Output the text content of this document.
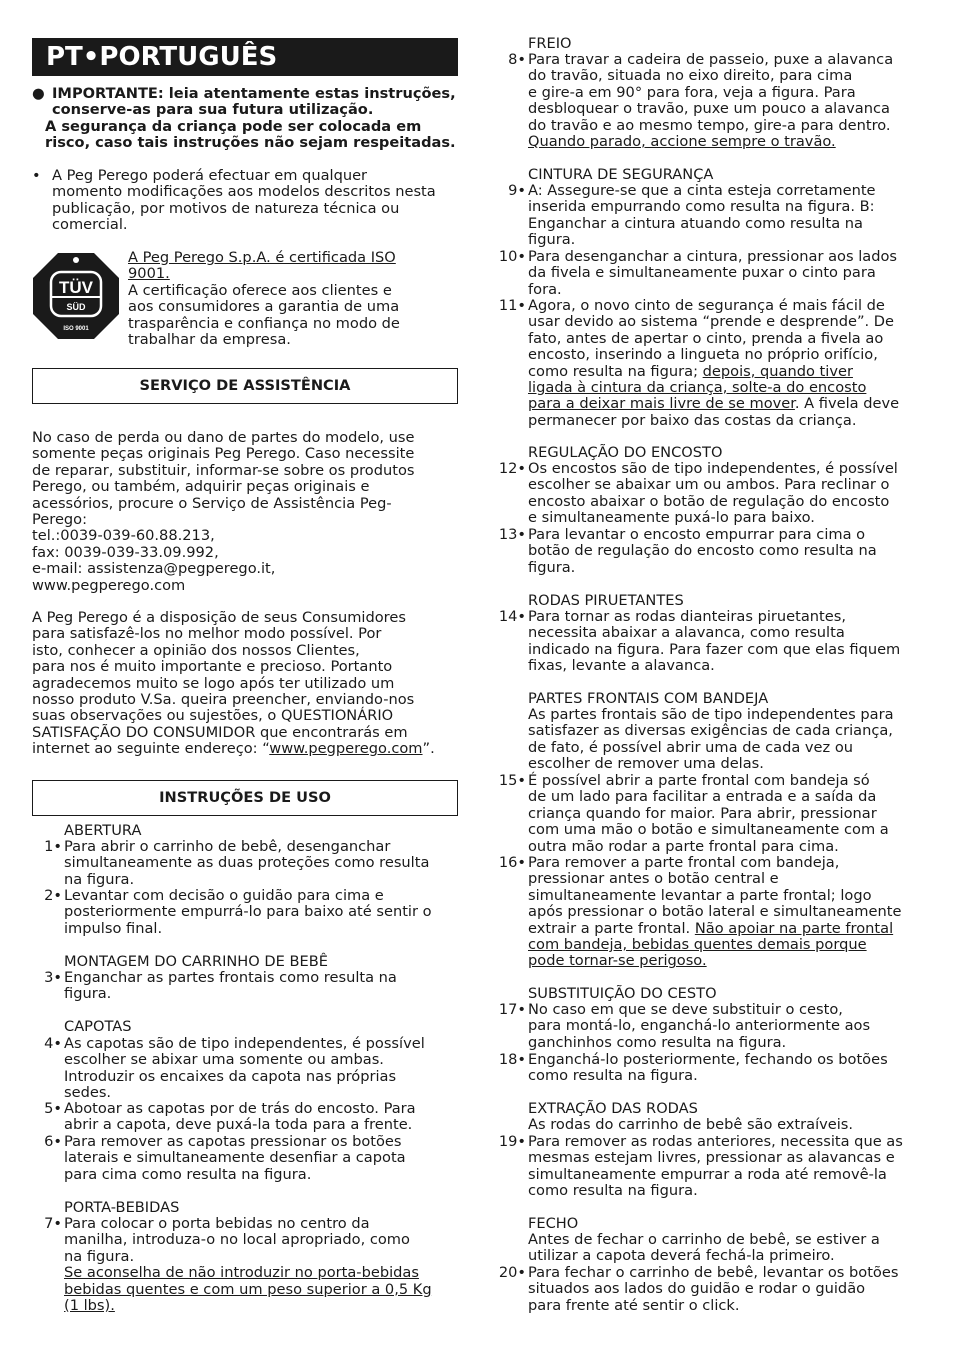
PT•PORTUGUÊS
● IMPORTANTE: leia atentamente estas instruções,
conserve-as para sua futura utilização.
A segurança da criança pode ser colocada em
risco, caso tais instruções não sejam respeitadas.
• A Peg Perego poderá efectuar em qualquer
momento modificações aos modelos descritos nesta
publicação, por motivos de natureza técnica ou
comercial.
TÜV
SÜD
ISO 9001
A Peg Perego S.p.A. é certificada ISO
9001.
A certificação oferece aos clientes e
aos consumidores a garantia de uma
trasparência e confiança no modo de
trabalhar da empresa.
SERVIÇO DE ASSISTÊNCIA
No caso de perda ou dano de partes do modelo, use
somente peças originais Peg Perego. Caso necessite
de reparar, substituir, informar-se sobre os produtos
Perego, ou também, adquirir peças originais e
acessórios, procure o Serviço de Assistência Peg-
Perego:
tel.:0039-039-60.88.213,
fax: 0039-039-33.09.992,
e-mail: assistenza@pegperego.it,
www.pegperego.com
A Peg Perego é a disposição de seus Consumidores
para satisfazê-los no melhor modo possível. Por
isto, conhecer a opinião dos nossos Clientes,
para nos é muito importante e precioso. Portanto
agradecemos muito se logo após ter utilizado um
nosso produto V.Sa. queira preencher, enviando-nos
suas observações ou sujestões, o QUESTIONÁRIO
SATISFAÇÃO DO CONSUMIDOR que encontrarás em
internet ao seguinte endereço: “www.pegperego.com”.
INSTRUÇÕES DE USO
ABERTURA
1• Para abrir o carrinho de bebê, desenganchar
simultaneamente as duas proteções como resulta
na figura.
2• Levantar com decisão o guidão para cima e
posteriormente empurrá-lo para baixo até sentir o
impulso final.
MONTAGEM DO CARRINHO DE BEBÊ
3• Enganchar as partes frontais como resulta na
figura.
CAPOTAS
4• As capotas são de tipo independentes, é possível
escolher se abixar uma somente ou ambas.
Introduzir os encaixes da capota nas próprias
sedes.
5• Abotoar as capotas por de trás do encosto. Para
abrir a capota, deve puxá-la toda para a frente.
6• Para remover as capotas pressionar os botões
laterais e simultaneamente desenfiar a capota
para cima como resulta na figura.
PORTA-BEBIDAS
7• Para colocar o porta bebidas no centro da
manilha, introduza-o no local apropriado, como
na figura.
Se aconselha de não introduzir no porta-bebidas
bebidas quentes e com um peso superior a 0,5 Kg
(1 lbs).
FREIO
8• Para travar a cadeira de passeio, puxe a alavanca
do travão, situada no eixo direito, para cima
e gire-a em 90° para fora, veja a figura. Para
desbloquear o travão, puxe um pouco a alavanca
do travão e ao mesmo tempo, gire-a para dentro.
Quando parado, accione sempre o travão.
CINTURA DE SEGURANÇA
9• A: Assegure-se que a cinta esteja corretamente
inserida empurrando como resulta na figura. B:
Enganchar a cintura atuando como resulta na
figura.
10• Para desenganchar a cintura, pressionar aos lados
da fivela e simultaneamente puxar o cinto para
fora.
11• Agora, o novo cinto de segurança é mais fácil de
usar devido ao sistema “prende e desprende”. De
fato, antes de apertar o cinto, prenda a fivela ao
encosto, inserindo a lingueta no próprio orifício,
como resulta na figura; depois, quando tiver
ligada à cintura da criança, solte-a do encosto
para a deixar mais livre de se mover. A fivela deve
permanecer por baixo das costas da criança.
REGULAÇÃO DO ENCOSTO
12• Os encostos são de tipo independentes, é possível
escolher se abaixar um ou ambos. Para reclinar o
encosto abaixar o botão de regulação do encosto
e simultaneamente puxá-lo para baixo.
13• Para levantar o encosto empurrar para cima o
botão de regulação do encosto como resulta na
figura.
RODAS PIRUETANTES
14• Para tornar as rodas dianteiras piruetantes,
necessita abaixar a alavanca, como resulta
indicado na figura. Para fazer com que elas fiquem
fixas, levante a alavanca.
PARTES FRONTAIS COM BANDEJA
As partes frontais são de tipo independentes para
satisfazer as diversas exigências de cada criança,
de fato, é possível abrir uma de cada vez ou
escolher de remover uma delas.
15• É possível abrir a parte frontal com bandeja só
de um lado para facilitar a entrada e a saída da
criança quando for maior. Para abrir, pressionar
com uma mão o botão e simultaneamente com a
outra mão rodar a parte frontal para cima.
16• Para remover a parte frontal com bandeja,
pressionar antes o botão central e
simultaneamente levantar a parte frontal; logo
após pressionar o botão lateral e simultaneamente
extrair a parte frontal. Não apoiar na parte frontal
com bandeja, bebidas quentes demais porque
pode tornar-se perigoso.
SUBSTITUIÇÃO DO CESTO
17• No caso em que se deve substituir o cesto,
para montá-lo, enganchá-lo anteriormente aos
ganchinhos como resulta na figura.
18• Enganchá-lo posteriormente, fechando os botões
como resulta na figura.
EXTRAÇÃO DAS RODAS
As rodas do carrinho de bebê são extraíveis.
19• Para remover as rodas anteriores, necessita que as
mesmas estejam livres, pressionar as alavancas e
simultaneamente empurrar a roda até removê-la
como resulta na figura.
FECHO
Antes de fechar o carrinho de bebê, se estiver a
utilizar a capota deverá fechá-la primeiro.
20• Para fechar o carrinho de bebê, levantar os botões
situados aos lados do guidão e rodar o guidão
para frente até sentir o click.
